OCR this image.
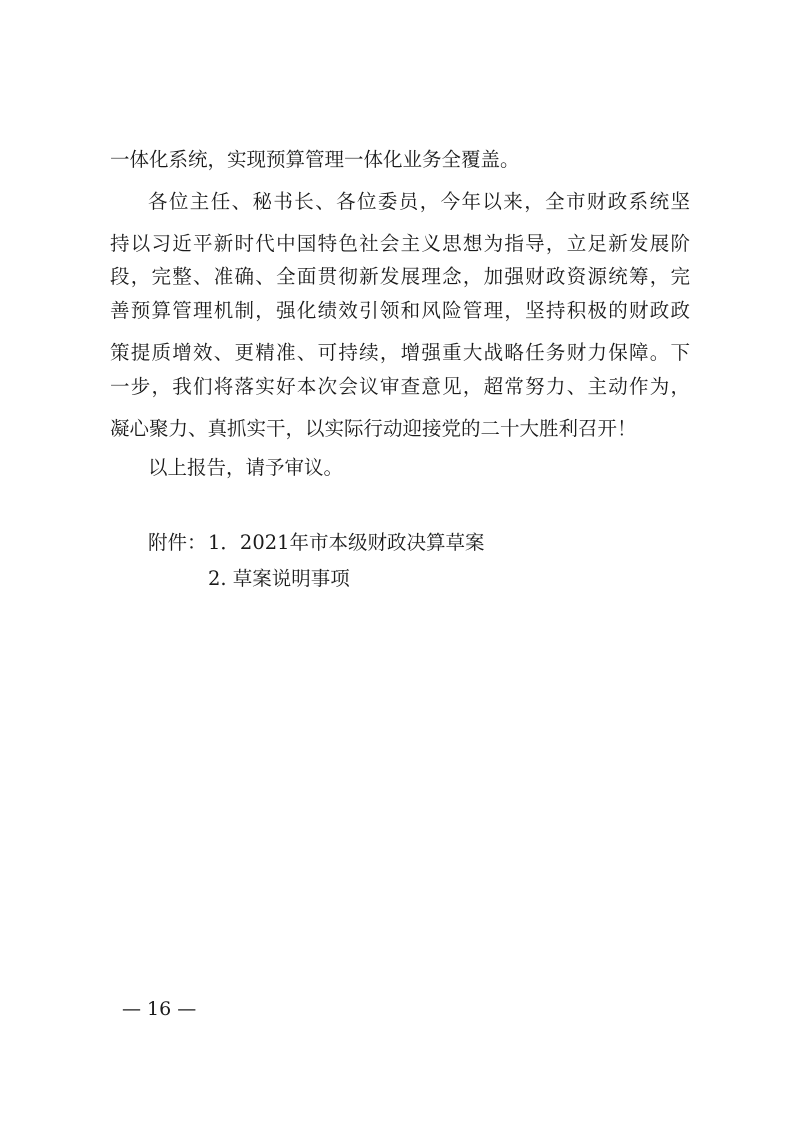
一体化系统，实现预算管理一体化业务全覆盖。
各位主任、秘书长、各位委员，今年以来，全市财政系统坚
持以习近平新时代中国特色社会主义思想为指导，立足新发展阶
段，完整、准确、全面贯彻新发展理念，加强财政资源统筹，完
善预算管理机制，强化绩效引领和风险管理，坚持积极的财政政
策提质增效、更精准、可持续，增强重大战略任务财力保障。下
一步，我们将落实好本次会议审查意见，超常努力、主动作为，
凝心聚力、真抓实干，以实际行动迎接党的二十大胜利召开！
以上报告，请予审议。
附件： 1．2021年市本级财政决算草案
2. 草案说明事项
— 16 —
